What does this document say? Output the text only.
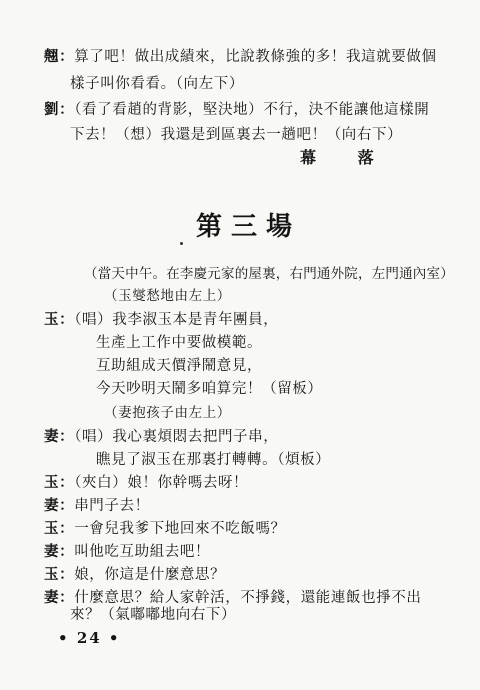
翹：算了吧！做出成績來，比說教條強的多！我這就要做個
樣子叫你看看。（向左下）
劉：（看了看趙的背影，堅決地）不行，決不能讓他這樣開
下去！（想）我還是到區裏去一趟吧！（向右下）
幕 落
第三場
（當天中午。在李慶元家的屋裏，右門通外院，左門通內室）
（玉燮愁地由左上）
玉：（唱）我李淑玉本是青年團員，
生產上工作中要做模範。
互助組成天價淨鬧意見，
今天吵明天鬧多咱算完！（留板）
（妻抱孩子由左上）
妻：（唱）我心裏煩悶去把門子串，
瞧見了淑玉在那裏打轉轉。（煩板）
玉：（夾白）娘！你幹嗎去呀！
妻：串門子去！
玉：一會兒我爹下地回來不吃飯嗎？
妻：叫他吃互助組去吧！
玉：娘，你這是什麼意思？
妻：什麼意思？給人家幹活，不掙錢，還能連飯也掙不出
來？（氣嘟嘟地向右下）
• 24 •
